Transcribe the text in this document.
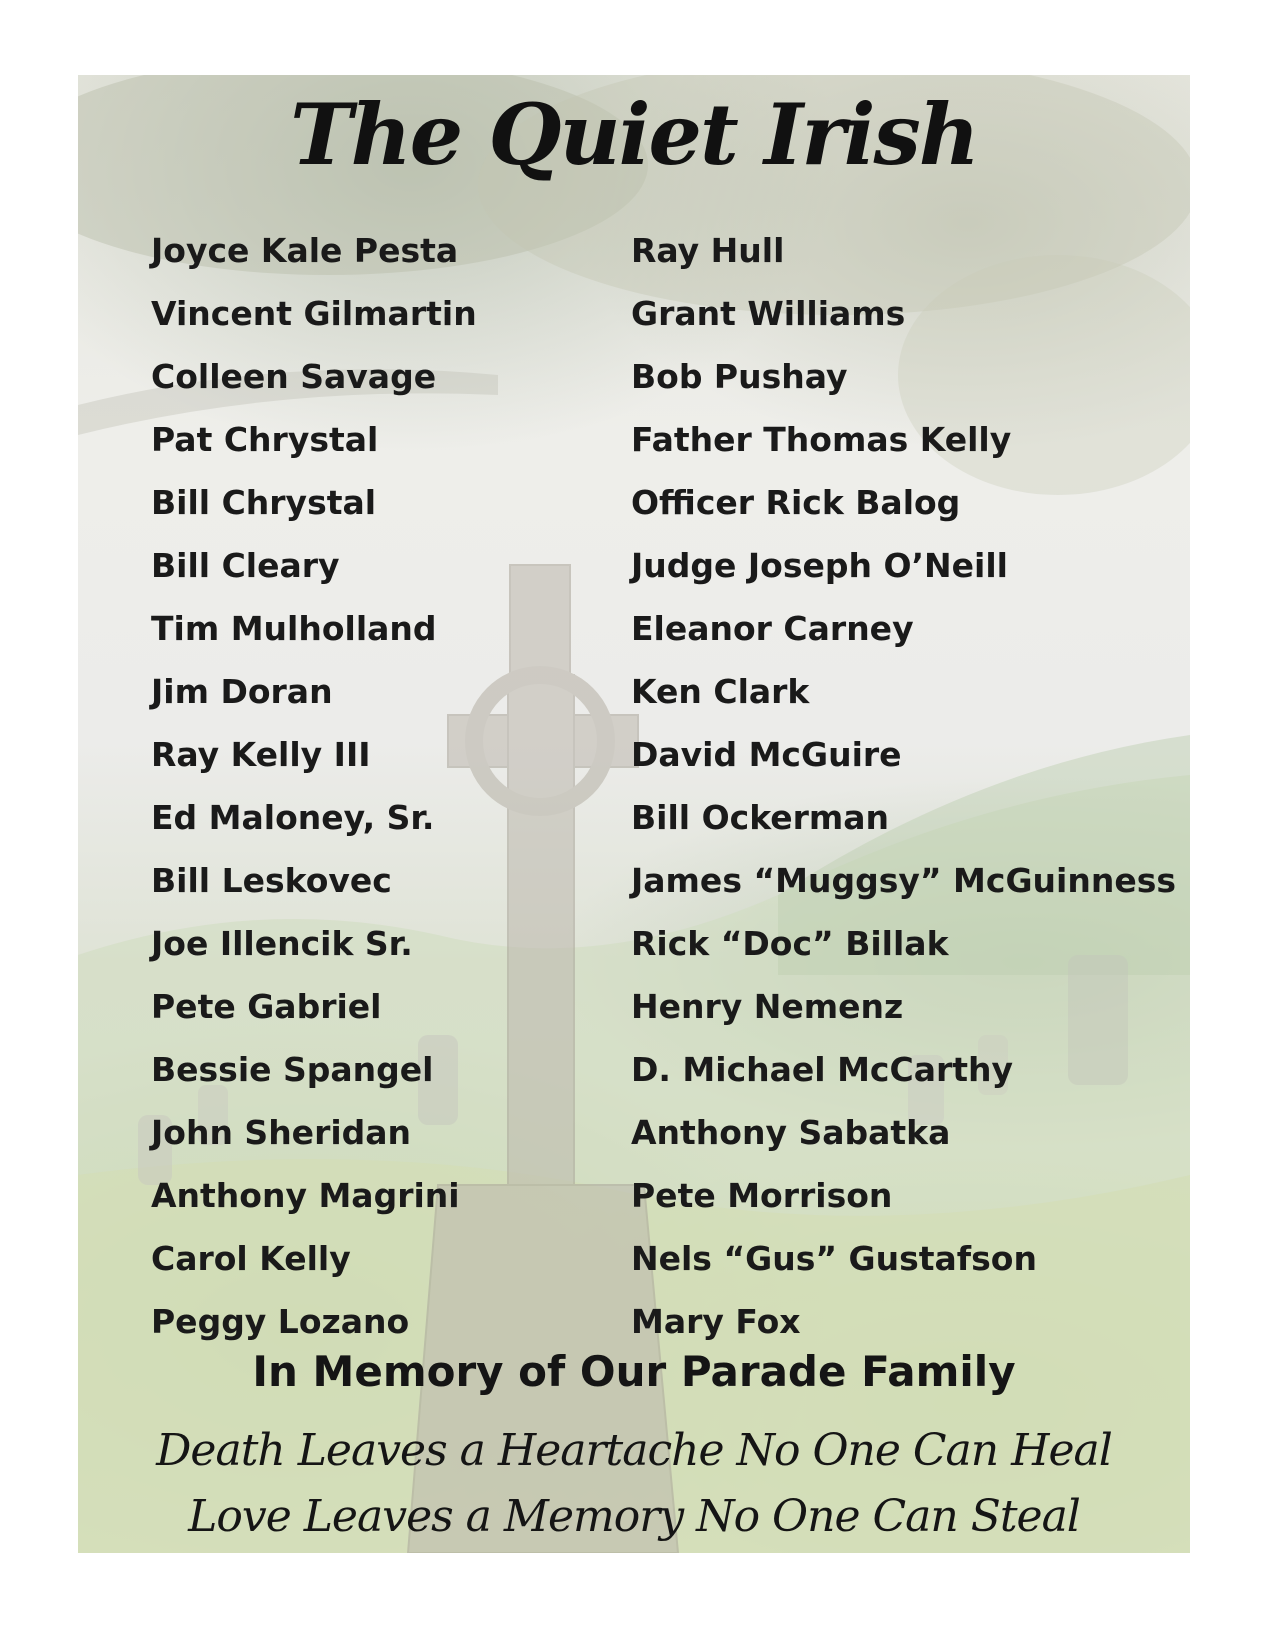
The Quiet Irish
Joyce Kale Pesta
Vincent Gilmartin
Colleen Savage
Pat Chrystal
Bill Chrystal
Bill Cleary
Tim Mulholland
Jim Doran
Ray Kelly III
Ed Maloney, Sr.
Bill Leskovec
Joe Illencik Sr.
Pete Gabriel
Bessie Spangel
John Sheridan
Anthony Magrini
Carol Kelly
Peggy Lozano
Ray Hull
Grant Williams
Bob Pushay
Father Thomas Kelly
Officer Rick Balog
Judge Joseph O’Neill
Eleanor Carney
Ken Clark
David McGuire
Bill Ockerman
James “Muggsy” McGuinness
Rick “Doc” Billak
Henry Nemenz
D. Michael McCarthy
Anthony Sabatka
Pete Morrison
Nels “Gus” Gustafson
Mary Fox
In Memory of Our Parade Family
Death Leaves a Heartache No One Can Heal
Love Leaves a Memory No One Can Steal
